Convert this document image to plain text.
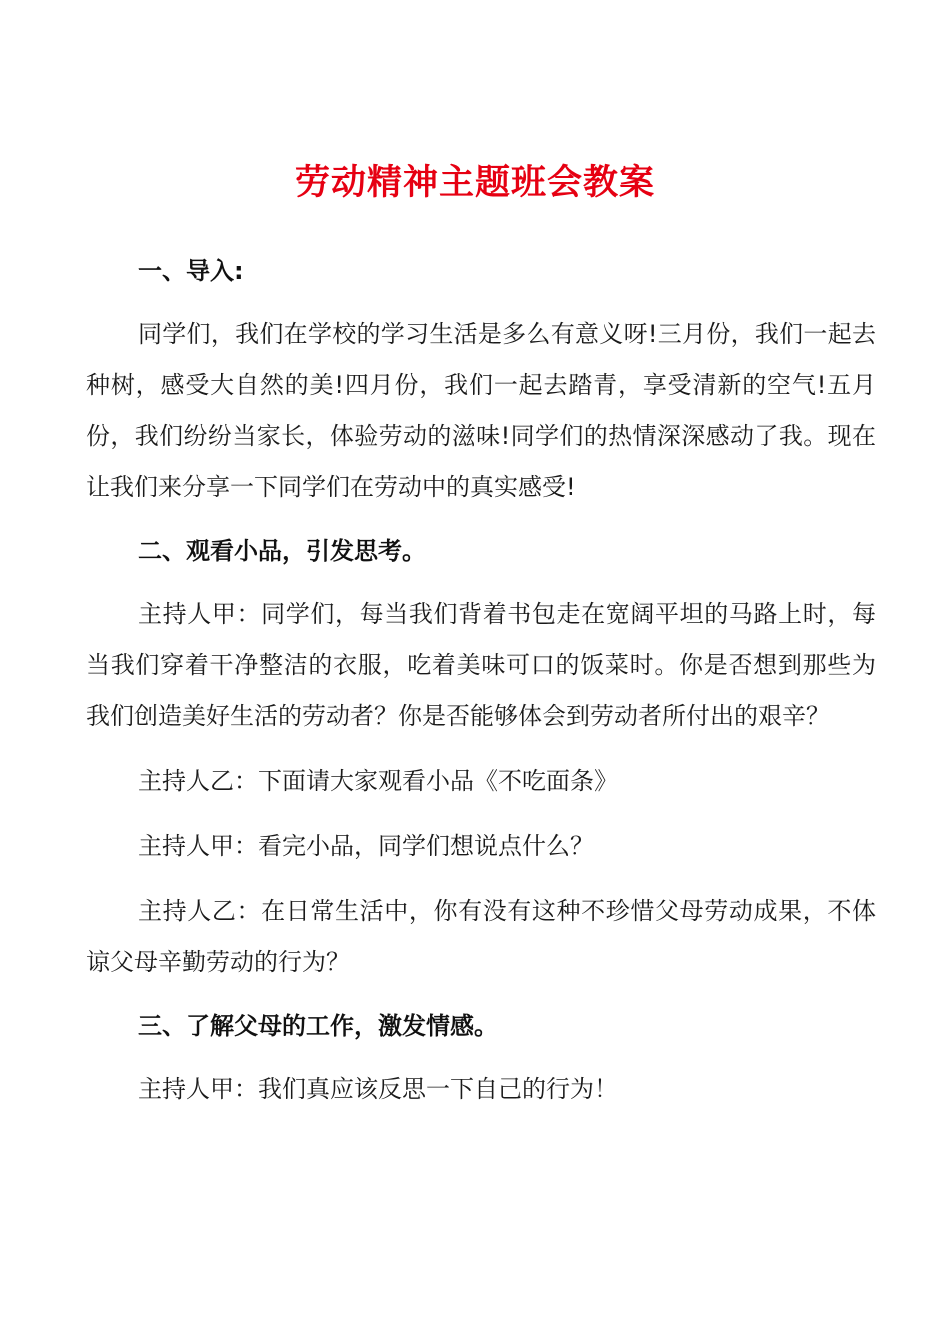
劳动精神主题班会教案
一、导入:
同学们，我们在学校的学习生活是多么有意义呀!三月份，我们一起去种树，感受大自然的美!四月份，我们一起去踏青，享受清新的空气!五月份，我们纷纷当家长，体验劳动的滋味!同学们的热情深深感动了我。现在让我们来分享一下同学们在劳动中的真实感受!
二、观看小品，引发思考。
主持人甲：同学们，每当我们背着书包走在宽阔平坦的马路上时，每当我们穿着干净整洁的衣服，吃着美味可口的饭菜时。你是否想到那些为我们创造美好生活的劳动者？你是否能够体会到劳动者所付出的艰辛？
主持人乙：下面请大家观看小品《不吃面条》
主持人甲：看完小品，同学们想说点什么？
主持人乙：在日常生活中，你有没有这种不珍惜父母劳动成果，不体谅父母辛勤劳动的行为？
三、了解父母的工作，激发情感。
主持人甲：我们真应该反思一下自己的行为！
